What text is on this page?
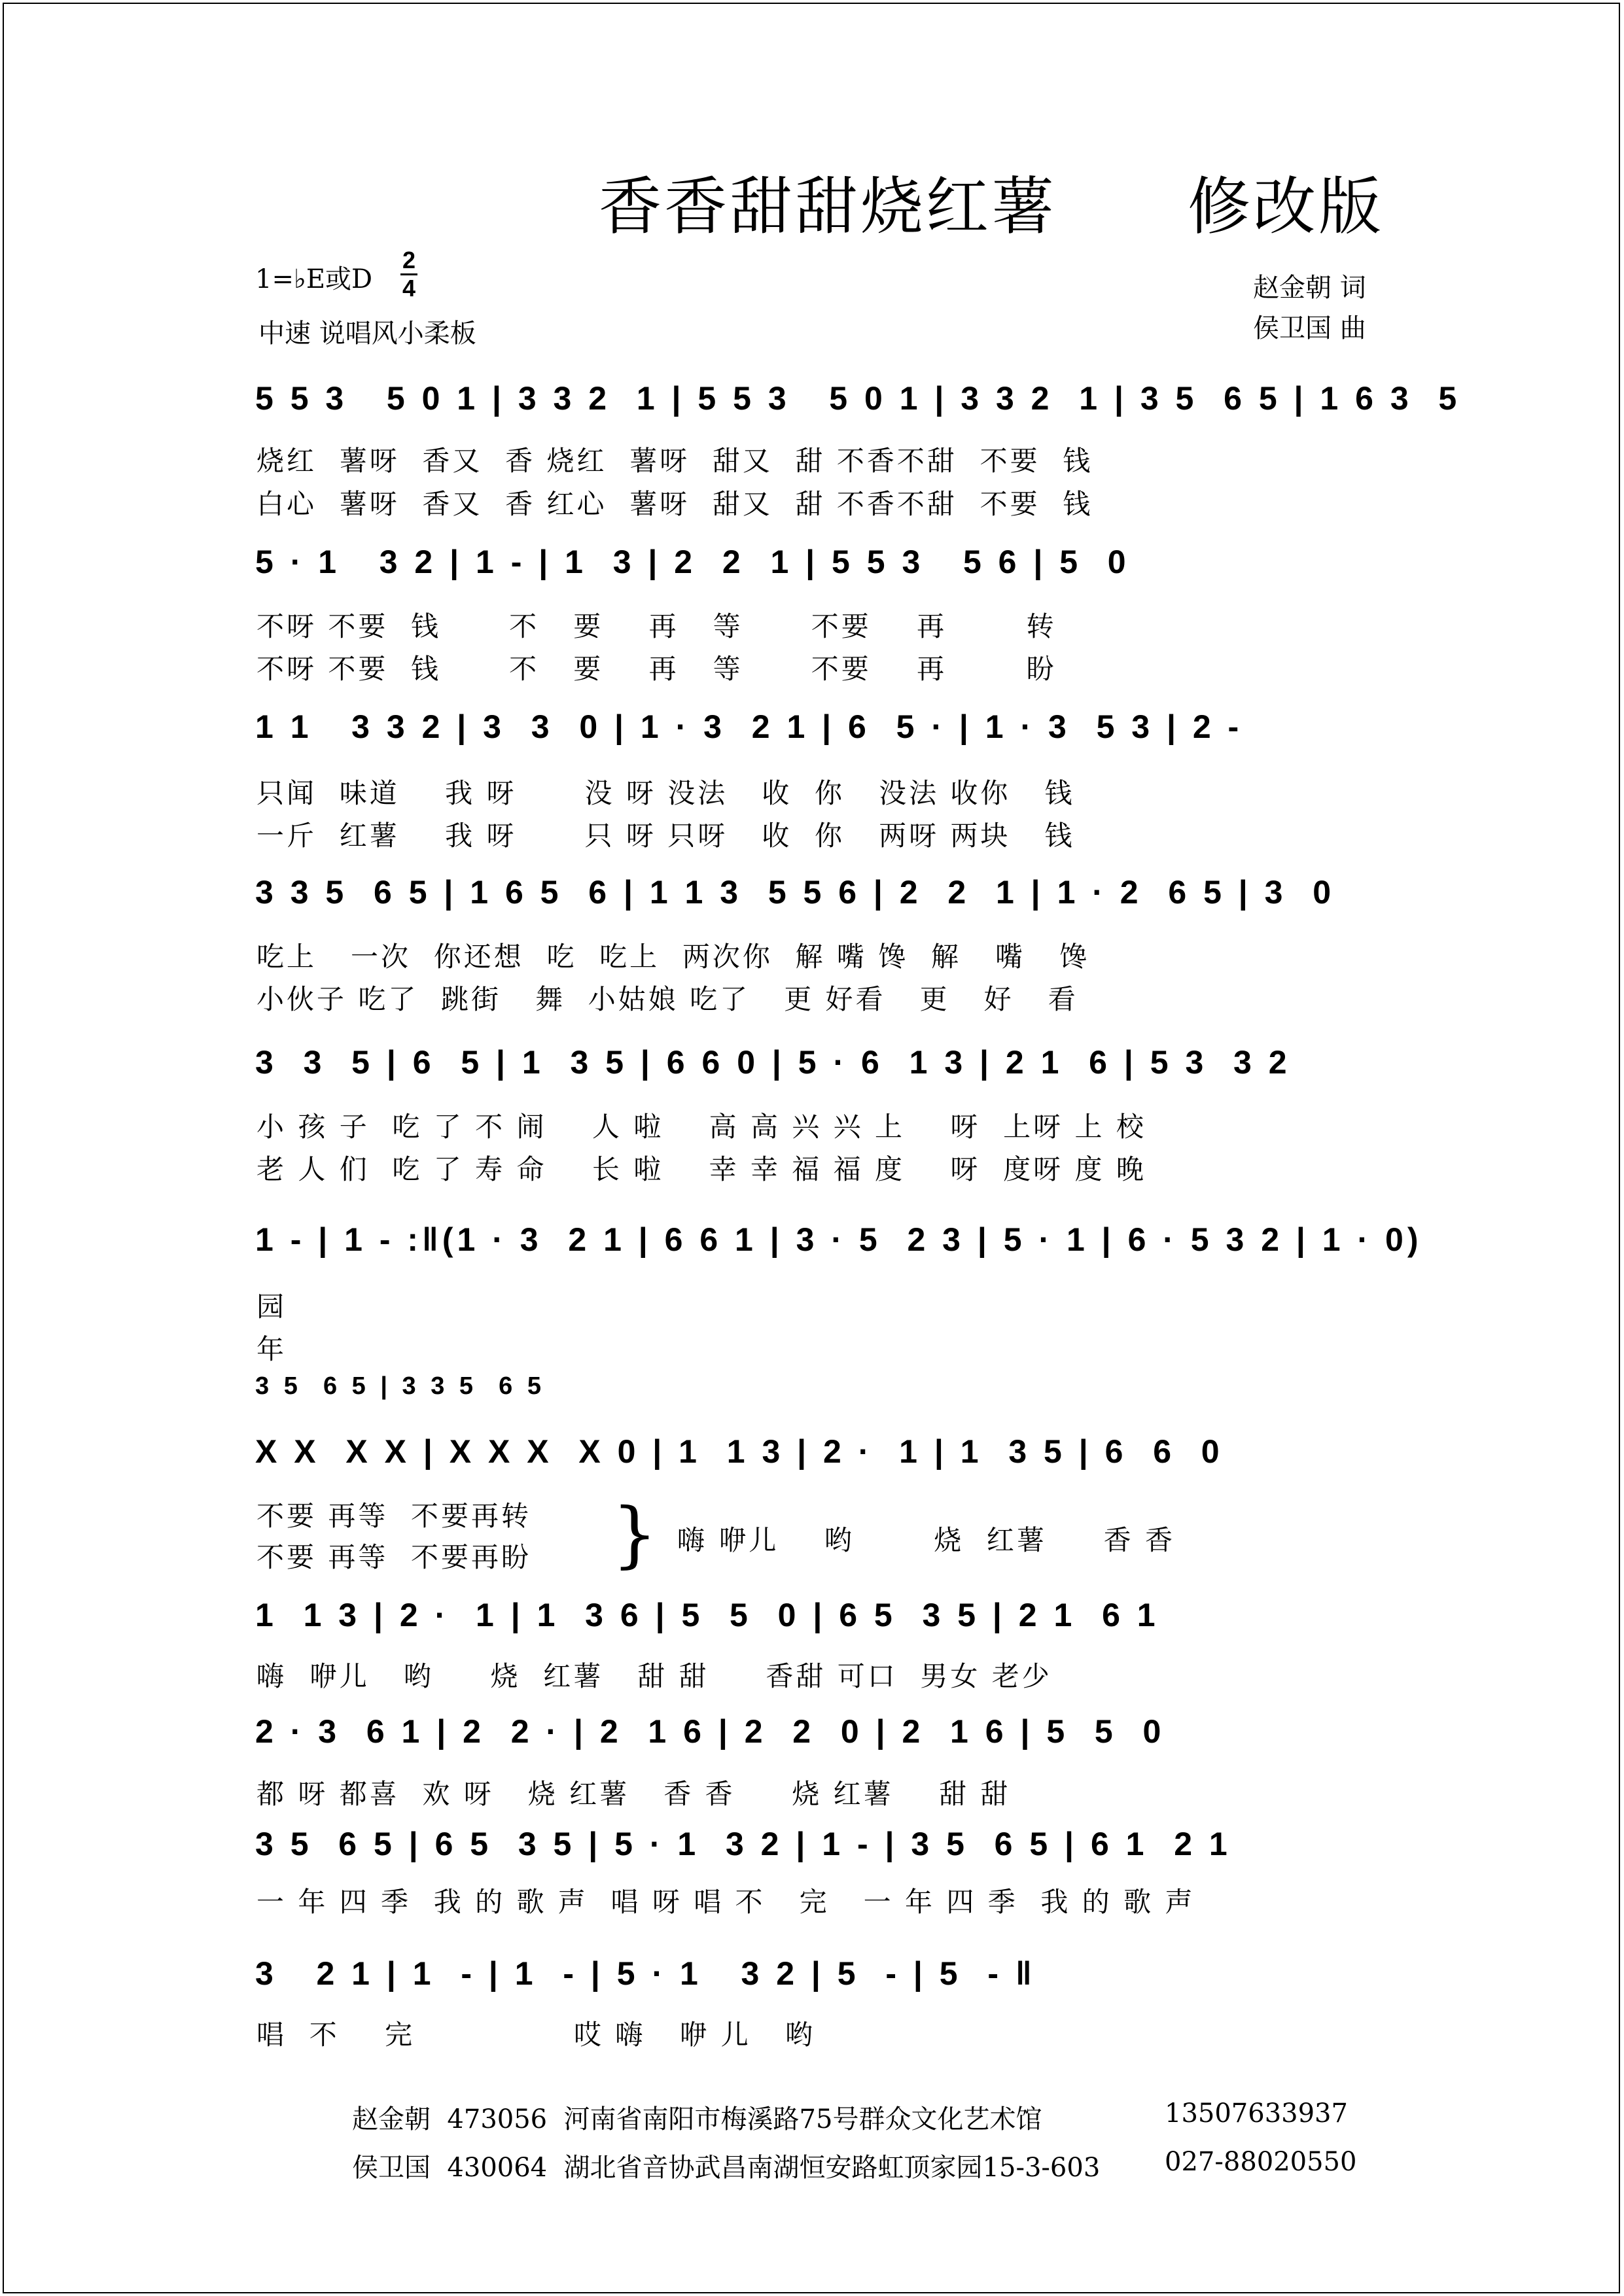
香香甜甜烧红薯 修改版
1=♭E或D
2
4
中速 说唱风小柔板
赵金朝 词
侯卫国 曲
5 5 3   5 0 1 | 3 3 2  1 | 5 5 3   5 0 1 | 3 3 2  1 | 3 5  6 5 | 1 6 3  5
烧红  薯呀  香又  香 烧红  薯呀  甜又  甜 不香不甜  不要  钱
白心  薯呀  香又  香 红心  薯呀  甜又  甜 不香不甜  不要  钱
5 · 1   3 2 | 1 - | 1  3 | 2  2  1 | 5 5 3   5 6 | 5  0
不呀 不要  钱      不   要    再   等      不要    再       转
不呀 不要  钱      不   要    再   等      不要    再       盼
1 1   3 3 2 | 3  3  0 | 1 · 3  2 1 | 6  5 · | 1 · 3  5 3 | 2 -
只闻  味道    我 呀      没 呀 没法   收  你   没法 收你   钱
一斤  红薯    我 呀      只 呀 只呀   收  你   两呀 两块   钱
3 3 5  6 5 | 1 6 5  6 | 1 1 3  5 5 6 | 2  2  1 | 1 · 2  6 5 | 3  0
吃上   一次  你还想  吃  吃上  两次你  解 嘴 馋  解   嘴   馋
小伙子 吃了  跳街   舞  小姑娘 吃了   更 好看   更   好   看
3  3  5 | 6  5 | 1  3 5 | 6 6 0 | 5 · 6  1 3 | 2 1  6 | 5 3  3 2
小 孩 子  吃 了 不 闹    人 啦    高 高 兴 兴 上    呀  上呀 上 校
老 人 们  吃 了 寿 命    长 啦    幸 幸 福 福 度    呀  度呀 度 晚
1 - | 1 - :‖(1 · 3  2 1 | 6 6 1 | 3 · 5  2 3 | 5 · 1 | 6 · 5 3 2 | 1 · 0)
园
年
3 5  6 5 | 3 3 5  6 5
X X  X X | X X X  X 0 | 1  1 3 | 2 ·  1 | 1  3 5 | 6  6  0
不要 再等  不要再转
不要 再等  不要再盼 } 嗨 咿儿    哟       烧  红薯     香 香
1  1 3 | 2 ·  1 | 1  3 6 | 5  5  0 | 6 5  3 5 | 2 1  6 1
嗨  咿儿   哟     烧  红薯   甜 甜     香甜 可口  男女 老少
2 · 3  6 1 | 2  2 · | 2  1 6 | 2  2  0 | 2  1 6 | 5  5  0
都 呀 都喜  欢 呀   烧 红薯   香 香     烧 红薯    甜 甜
3 5  6 5 | 6 5  3 5 | 5 · 1  3 2 | 1 - | 3 5  6 5 | 6 1  2 1
一 年 四 季  我 的 歌 声  唱 呀 唱 不   完   一 年 四 季  我 的 歌 声
3   2 1 | 1  - | 1  - | 5 · 1   3 2 | 5  - | 5  - ‖
唱  不    完              哎 嗨   咿 儿   哟
赵金朝  473056  河南省南阳市梅溪路75号群众文化艺术馆	13507633937
侯卫国  430064  湖北省音协武昌南湖恒安路虹顶家园15-3-603 027-88020550
